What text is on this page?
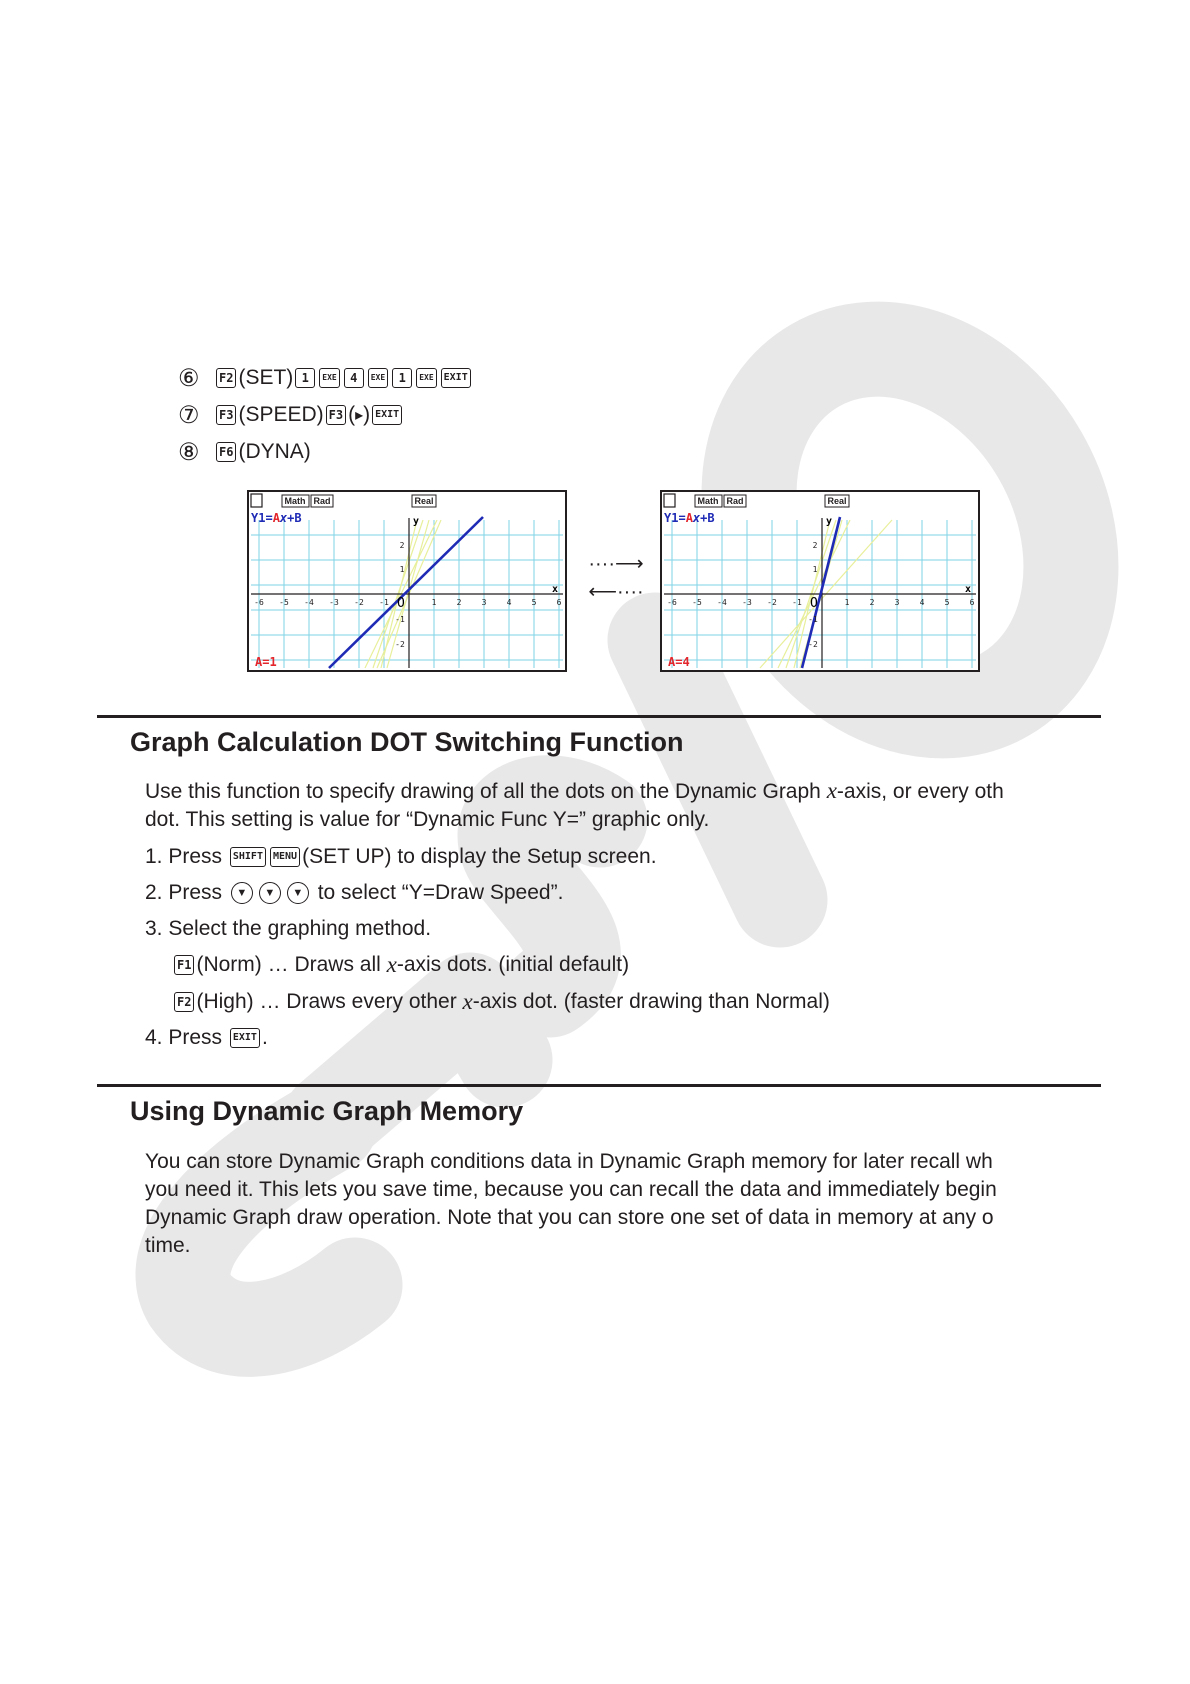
⑥	F2 (SET) 1	EXE	4	EXE	1	EXE	EXIT
⑦	F3 (SPEED) F3 ( ▸ ) EXIT
⑧	F6 (DYNA)
Math Rad	Real
Y1=Ax+B	y
x
O
-6 -5 -4 -3 -2 -1	1	2	3	4	5	6
2
1
-1
-2
A=1
····⟶
⟵····
Math Rad	Real
Y1=Ax+B	y
x
O
-6 -5 -4 -3 -2 -1	1	2	3	4	5	6
2
1
-1
-2
A=4
Graph Calculation DOT Switching Function
Use this function to specify drawing of all the dots on the Dynamic Graph x-axis, or every oth
dot. This setting is value for “Dynamic Func Y=” graphic only.
1. Press SHIFT	MENU (SET UP) to display the Setup screen.
2. Press ▼	▼	▼ to select “Y=Draw Speed”.
3. Select the graphing method.
F1 (Norm) … Draws all x -axis dots. (initial default)
F2 (High) … Draws every other x -axis dot. (faster drawing than Normal)
4. Press EXIT .
Using Dynamic Graph Memory
You can store Dynamic Graph conditions data in Dynamic Graph memory for later recall wh
you need it. This lets you save time, because you can recall the data and immediately begin
Dynamic Graph draw operation. Note that you can store one set of data in memory at any o
time.
